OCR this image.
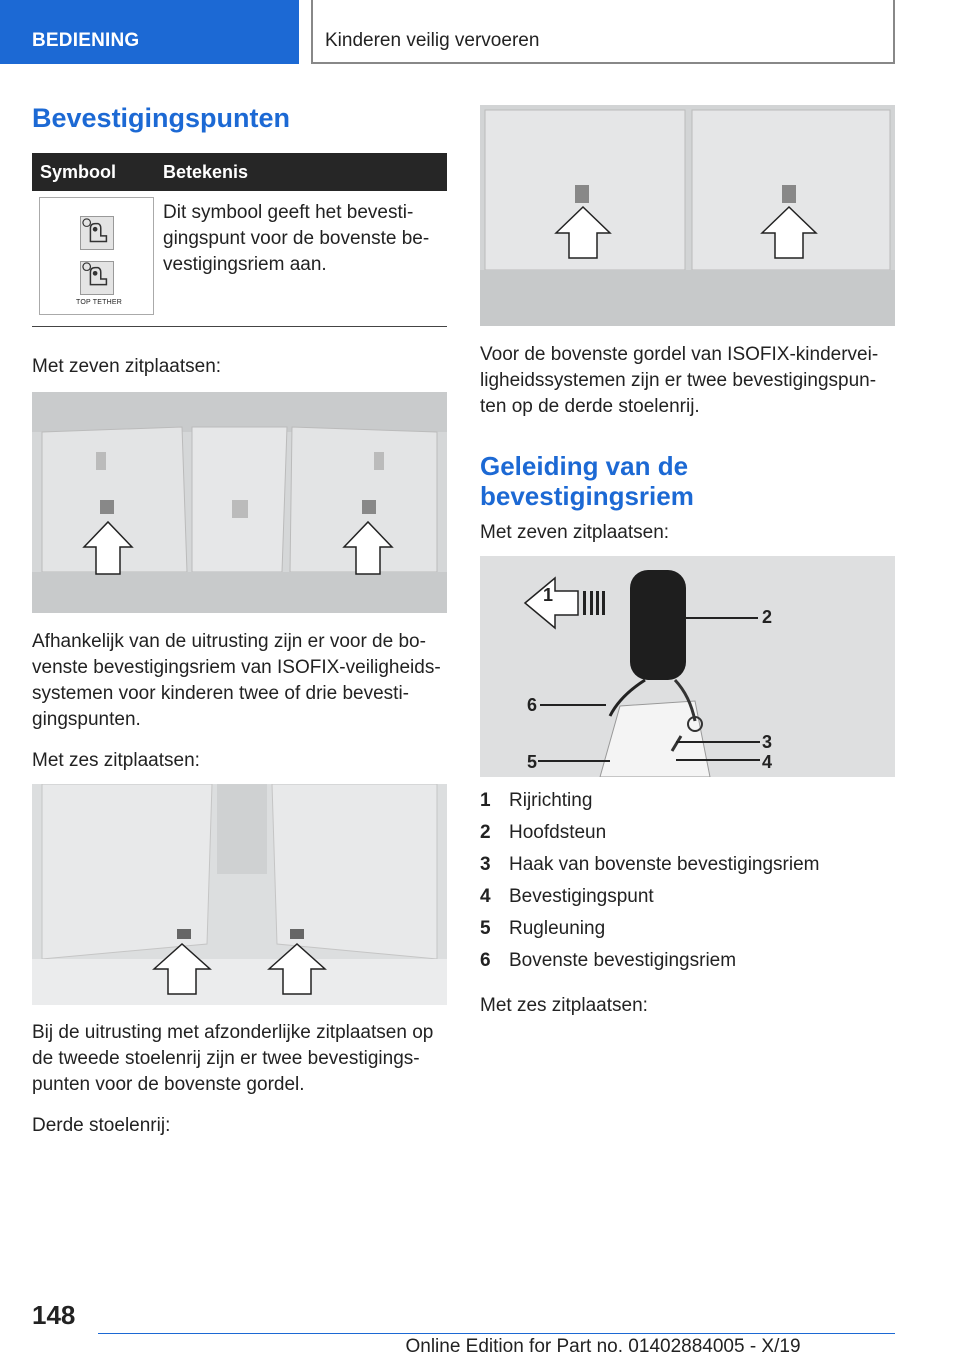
BEDIENING	Kinderen veilig vervoeren
Bevestigingspunten
Symbool	Betekenis
TOP TETHER

Dit symbool geeft het bevesti-

gingspunt voor de bovenste be-

vestigingsriem aan.

Met zeven zitplaatsen:

Afhankelijk van de uitrusting zijn er voor de bo-

venste bevestigingsriem van ISOFIX-veiligheids-

systemen voor kinderen twee of drie bevesti-

gingspunten.

Met zes zitplaatsen:

Bij de uitrusting met afzonderlijke zitplaatsen op

de tweede stoelenrij zijn er twee bevestigings-

punten voor de bovenste gordel.

Derde stoelenrij:

Voor de bovenste gordel van ISOFIX-kindervei-

ligheidssystemen zijn er twee bevestigingspun-

ten op de derde stoelenrij.

Geleiding van de
bevestigingsriem

Met zeven zitplaatsen:

1
2
3
4
5
6
1 Rijrichting
2 Hoofdsteun
3 Haak van bovenste bevestigingsriem
4 Bevestigingspunt
5 Rugleuning
6 Bovenste bevestigingsriem

Met zes zitplaatsen:

148
Online Edition for Part no. 01402884005 - X/19
